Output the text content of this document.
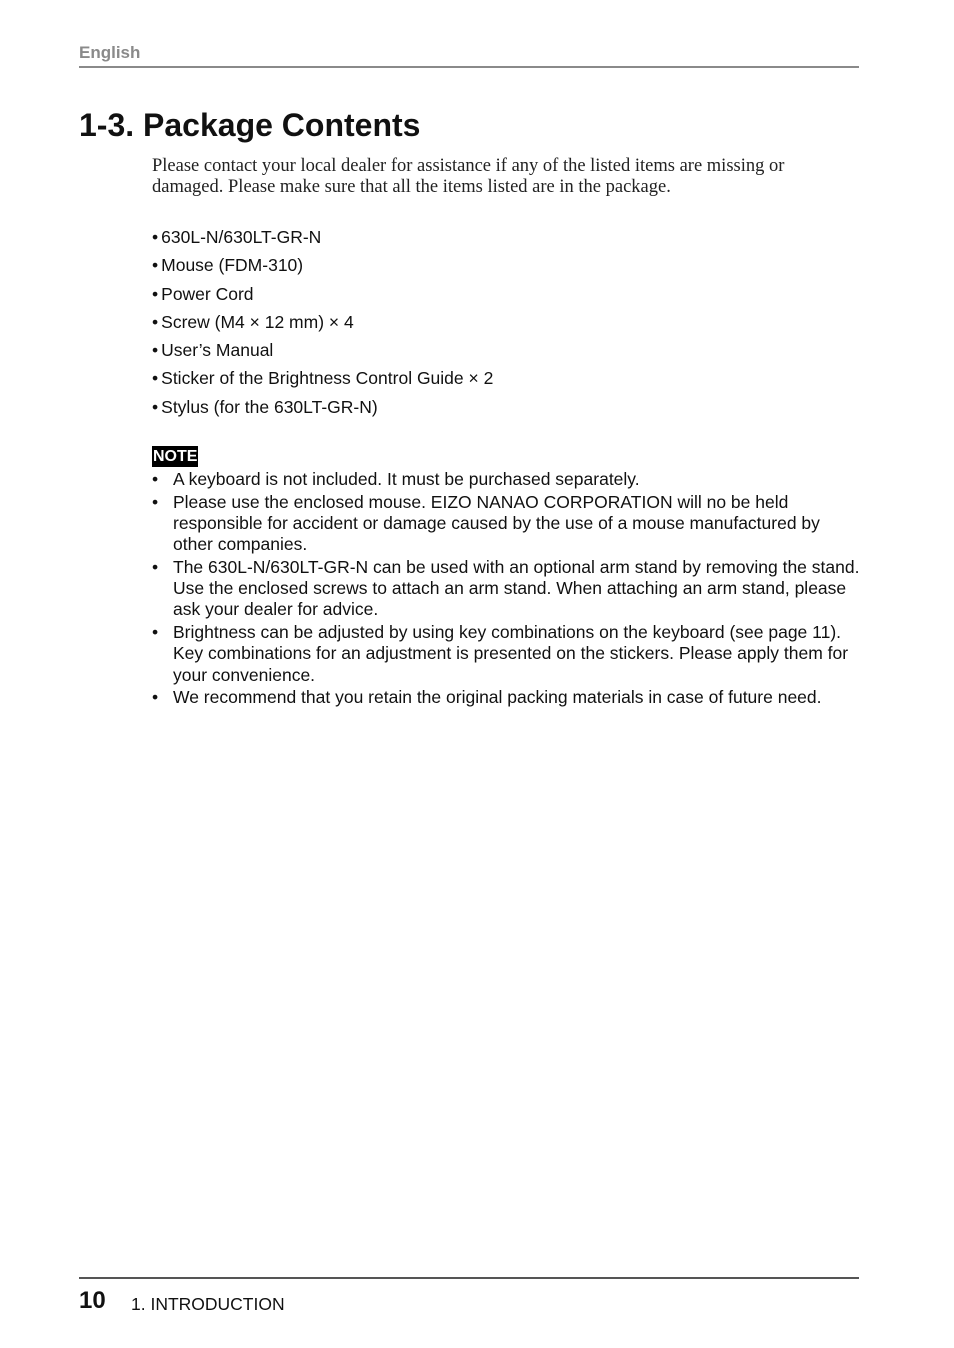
English
1-3. Package Contents

Please contact your local dealer for assistance if any of the listed items are missing or damaged. Please make sure that all the items listed are in the package.

• 630L-N/630LT-GR-N
• Mouse (FDM-310)
• Power Cord
• Screw (M4 × 12 mm) × 4
• User’s Manual
• Sticker of the Brightness Control Guide × 2
• Stylus (for the 630LT-GR-N)
NOTE
• A keyboard is not included. It must be purchased separately.
• Please use the enclosed mouse. EIZO NANAO CORPORATION will no be held responsible for accident or damage caused by the use of a mouse manufactured by other companies.
• The 630L-N/630LT-GR-N can be used with an optional arm stand by removing the stand. Use the enclosed screws to attach an arm stand. When attaching an arm stand, please ask your dealer for advice.
• Brightness can be adjusted by using key combinations on the keyboard (see page 11). Key combinations for an adjustment is presented on the stickers. Please apply them for your convenience.
• We recommend that you retain the original packing materials in case of future need.
10 1. INTRODUCTION
